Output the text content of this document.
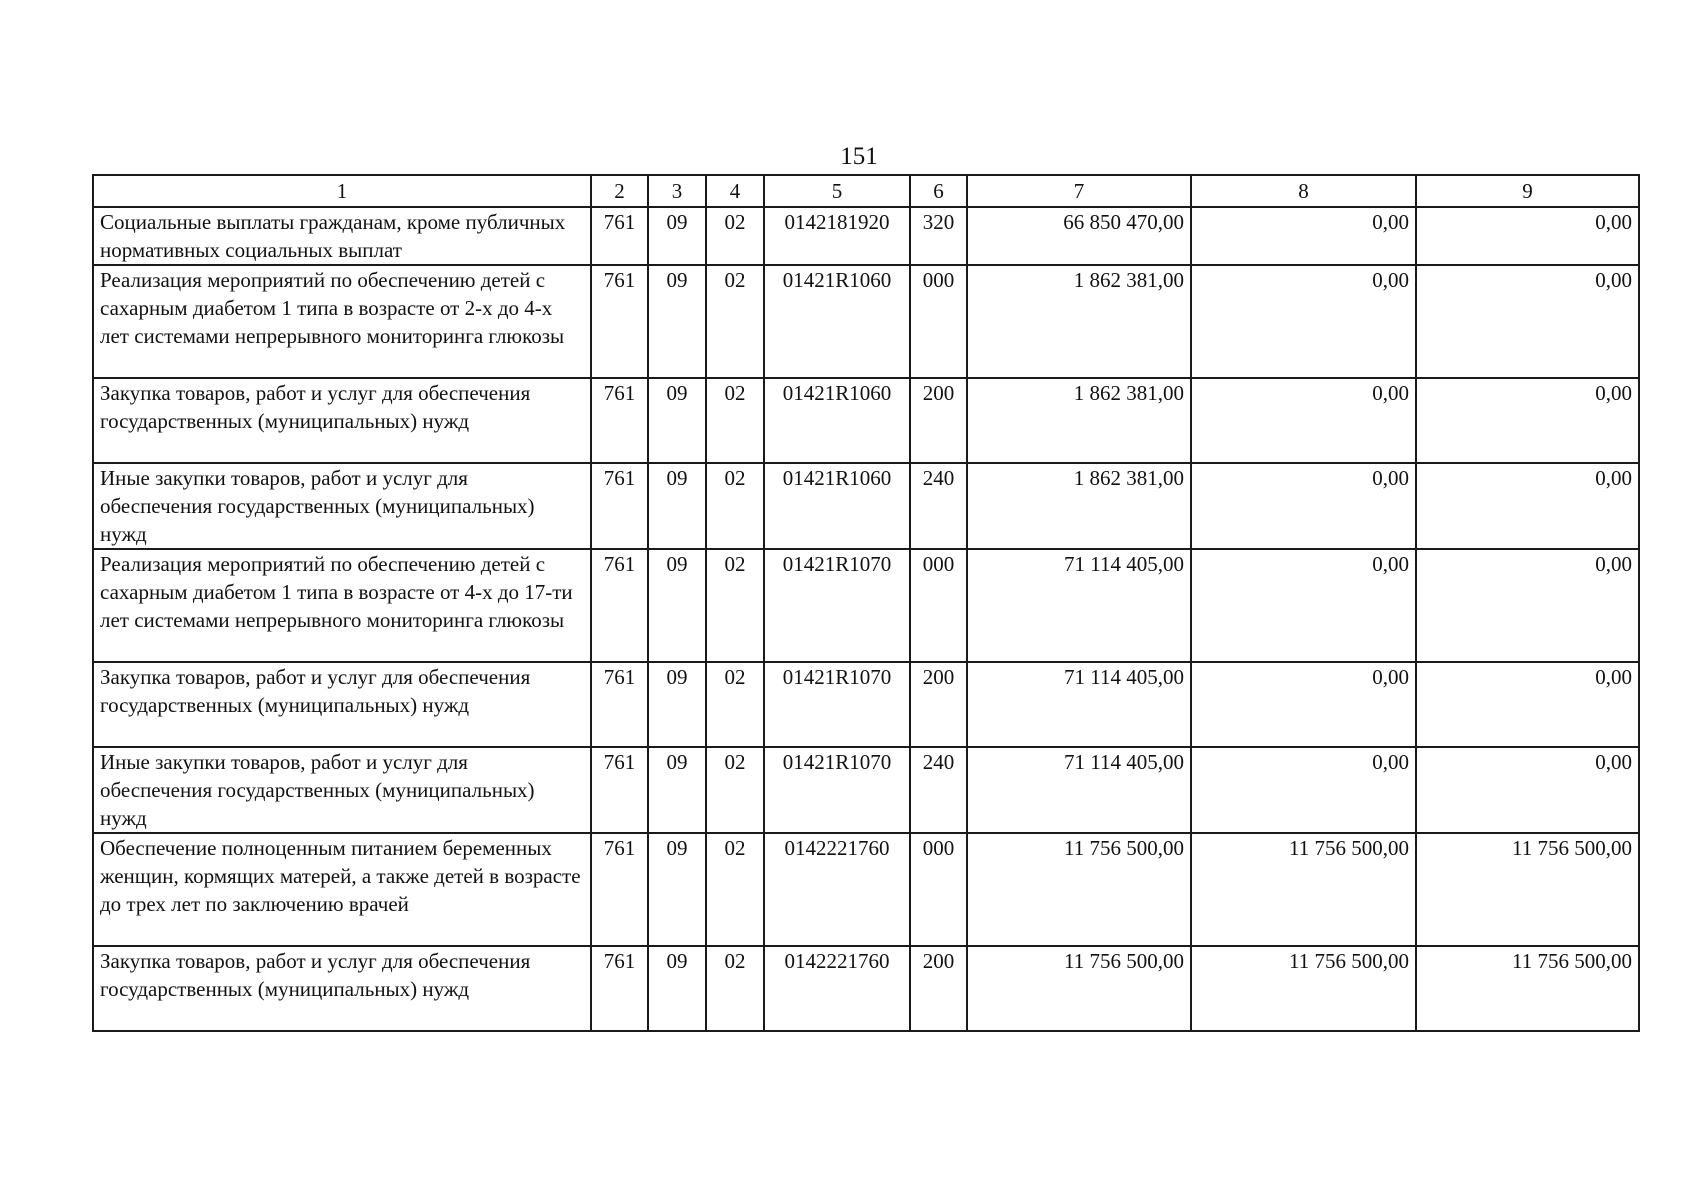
151
1	2	3	4	5	6	7	8	9
Социальные выплаты гражданам, кроме публичных нормативных социальных выплат	761	09	02	0142181920	320	66 850 470,00	0,00	0,00
Реализация мероприятий по обеспечению детей с сахарным диабетом 1 типа в возрасте от 2-х до 4-х лет системами непрерывного мониторинга глюкозы	761	09	02	01421R1060	000	1 862 381,00	0,00	0,00
Закупка товаров, работ и услуг для обеспечения государственных (муниципальных) нужд	761	09	02	01421R1060	200	1 862 381,00	0,00	0,00
Иные закупки товаров, работ и услуг для обеспечения государственных (муниципальных) нужд	761	09	02	01421R1060	240	1 862 381,00	0,00	0,00
Реализация мероприятий по обеспечению детей с сахарным диабетом 1 типа в возрасте от 4-х до 17-ти лет системами непрерывного мониторинга глюкозы	761	09	02	01421R1070	000	71 114 405,00	0,00	0,00
Закупка товаров, работ и услуг для обеспечения государственных (муниципальных) нужд	761	09	02	01421R1070	200	71 114 405,00	0,00	0,00
Иные закупки товаров, работ и услуг для обеспечения государственных (муниципальных) нужд	761	09	02	01421R1070	240	71 114 405,00	0,00	0,00
Обеспечение полноценным питанием беременных женщин, кормящих матерей, а также детей в возрасте до трех лет по заключению врачей	761	09	02	0142221760	000	11 756 500,00	11 756 500,00	11 756 500,00
Закупка товаров, работ и услуг для обеспечения государственных (муниципальных) нужд	761	09	02	0142221760	200	11 756 500,00	11 756 500,00	11 756 500,00
